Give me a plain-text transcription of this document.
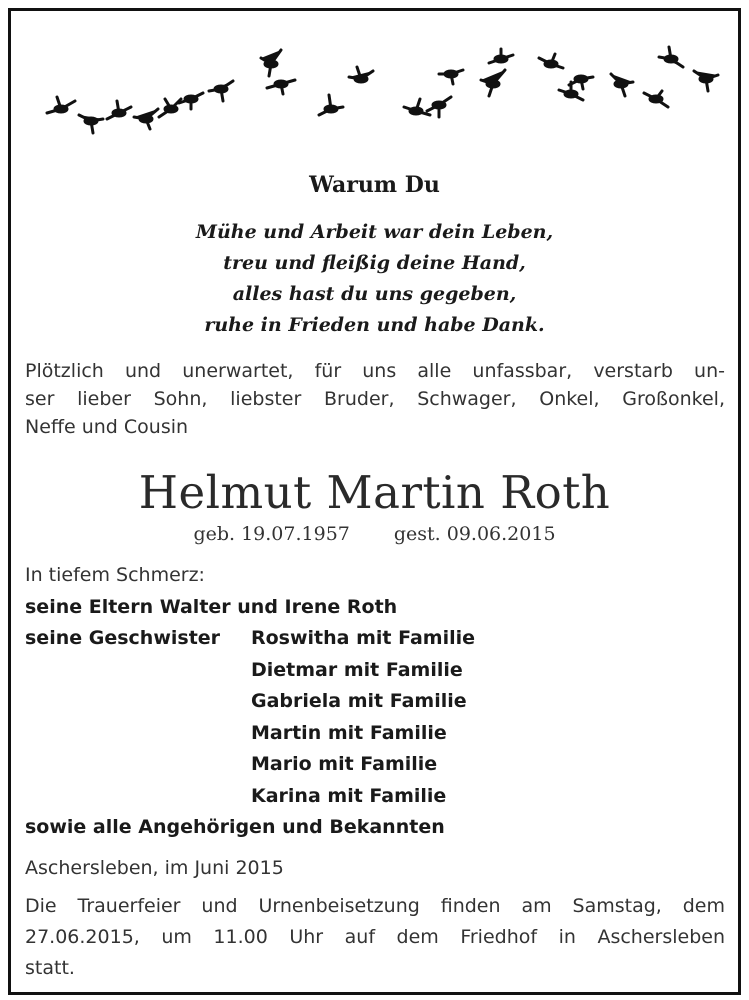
Warum Du
Mühe und Arbeit war dein Leben,
treu und fleißig deine Hand,
alles hast du uns gegeben,
ruhe in Frieden und habe Dank.
Plötzlich und unerwartet, für uns alle unfassbar, verstarb un-
ser lieber Sohn, liebster Bruder, Schwager, Onkel, Großonkel,
Neffe und Cousin
Helmut Martin Roth
geb. 19.07.1957 gest. 09.06.2015
In tiefem Schmerz:
seine Eltern Walter und Irene Roth
seine Geschwister Roswitha mit Familie
Dietmar mit Familie
Gabriela mit Familie
Martin mit Familie
Mario mit Familie
Karina mit Familie
sowie alle Angehörigen und Bekannten
Aschersleben, im Juni 2015
Die Trauerfeier und Urnenbeisetzung finden am Samstag, dem
27.06.2015, um 11.00 Uhr auf dem Friedhof in Aschersleben
statt.
